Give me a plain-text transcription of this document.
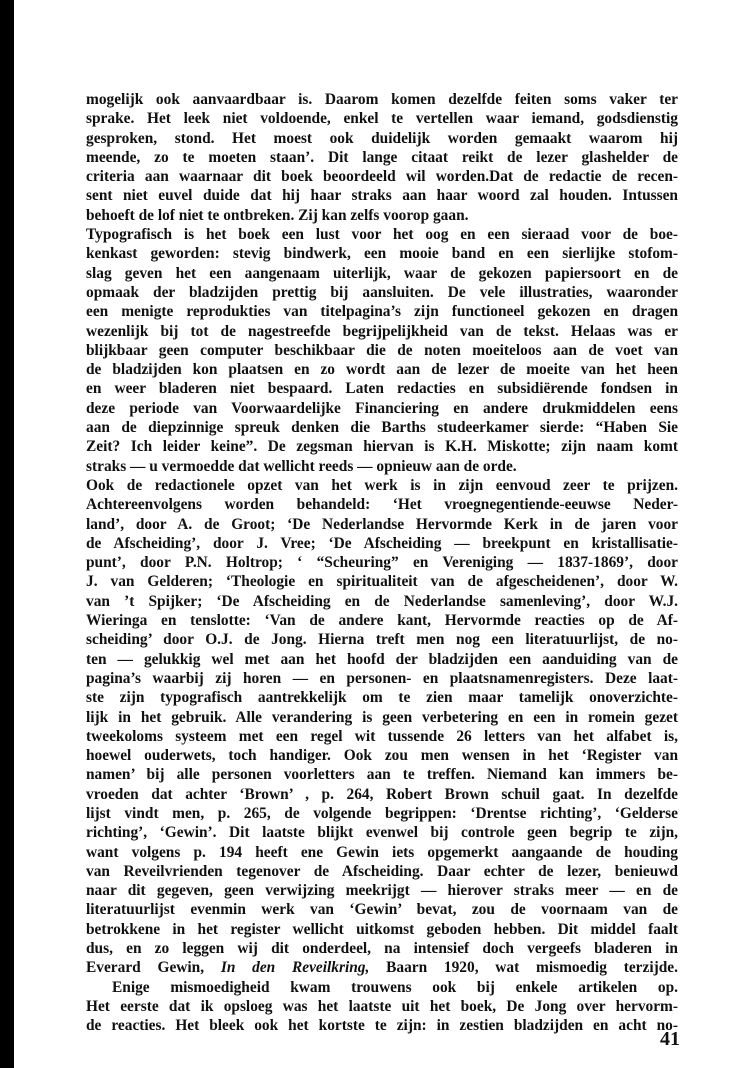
mogelijk ook aanvaardbaar is. Daarom komen dezelfde feiten soms vaker ter
sprake. Het leek niet voldoende, enkel te vertellen waar iemand, godsdienstig
gesproken, stond. Het moest ook duidelijk worden gemaakt waarom hij
meende, zo te moeten staan’. Dit lange citaat reikt de lezer glashelder de
criteria aan waarnaar dit boek beoordeeld wil worden.Dat de redactie de recen-
sent niet euvel duide dat hij haar straks aan haar woord zal houden. Intussen
behoeft de lof niet te ontbreken. Zij kan zelfs voorop gaan.
Typografisch is het boek een lust voor het oog en een sieraad voor de boe-
kenkast geworden: stevig bindwerk, een mooie band en een sierlijke stofom-
slag geven het een aangenaam uiterlijk, waar de gekozen papiersoort en de
opmaak der bladzijden prettig bij aansluiten. De vele illustraties, waaronder
een menigte reprodukties van titelpagina’s zijn functioneel gekozen en dragen
wezenlijk bij tot de nagestreefde begrijpelijkheid van de tekst. Helaas was er
blijkbaar geen computer beschikbaar die de noten moeiteloos aan de voet van
de bladzijden kon plaatsen en zo wordt aan de lezer de moeite van het heen
en weer bladeren niet bespaard. Laten redacties en subsidiërende fondsen in
deze periode van Voorwaardelijke Financiering en andere drukmiddelen eens
aan de diepzinnige spreuk denken die Barths studeerkamer sierde: “Haben Sie
Zeit? Ich leider keine”. De zegsman hiervan is K.H. Miskotte; zijn naam komt
straks — u vermoedde dat wellicht reeds — opnieuw aan de orde.
Ook de redactionele opzet van het werk is in zijn eenvoud zeer te prijzen.
Achtereenvolgens worden behandeld: ‘Het vroegnegentiende-eeuwse Neder-
land’, door A. de Groot; ‘De Nederlandse Hervormde Kerk in de jaren voor
de Afscheiding’, door J. Vree; ‘De Afscheiding — breekpunt en kristallisatie-
punt’, door P.N. Holtrop; ‘ “Scheuring” en Vereniging — 1837-1869’, door
J. van Gelderen; ‘Theologie en spiritualiteit van de afgescheidenen’, door W.
van ’t Spijker; ‘De Afscheiding en de Nederlandse samenleving’, door W.J.
Wieringa en tenslotte: ‘Van de andere kant, Hervormde reacties op de Af-
scheiding’ door O.J. de Jong. Hierna treft men nog een literatuurlijst, de no-
ten — gelukkig wel met aan het hoofd der bladzijden een aanduiding van de
pagina’s waarbij zij horen — en personen- en plaatsnamenregisters. Deze laat-
ste zijn typografisch aantrekkelijk om te zien maar tamelijk onoverzichte-
lijk in het gebruik. Alle verandering is geen verbetering en een in romein gezet
tweekoloms systeem met een regel wit tussende 26 letters van het alfabet is,
hoewel ouderwets, toch handiger. Ook zou men wensen in het ‘Register van
namen’ bij alle personen voorletters aan te treffen. Niemand kan immers be-
vroeden dat achter ‘Brown’ , p. 264, Robert Brown schuil gaat. In dezelfde
lijst vindt men, p. 265, de volgende begrippen: ‘Drentse richting’, ‘Gelderse
richting’, ‘Gewin’. Dit laatste blijkt evenwel bij controle geen begrip te zijn,
want volgens p. 194 heeft ene Gewin iets opgemerkt aangaande de houding
van Reveilvrienden tegenover de Afscheiding. Daar echter de lezer, benieuwd
naar dit gegeven, geen verwijzing meekrijgt — hierover straks meer — en de
literatuurlijst evenmin werk van ‘Gewin’ bevat, zou de voornaam van de
betrokkene in het register wellicht uitkomst geboden hebben. Dit middel faalt
dus, en zo leggen wij dit onderdeel, na intensief doch vergeefs bladeren in
Everard Gewin, In den Reveilkring, Baarn 1920, wat mismoedig terzijde.
Enige mismoedigheid kwam trouwens ook bij enkele artikelen op.
Het eerste dat ik opsloeg was het laatste uit het boek, De Jong over hervorm-
de reacties. Het bleek ook het kortste te zijn: in zestien bladzijden en acht no-
41
